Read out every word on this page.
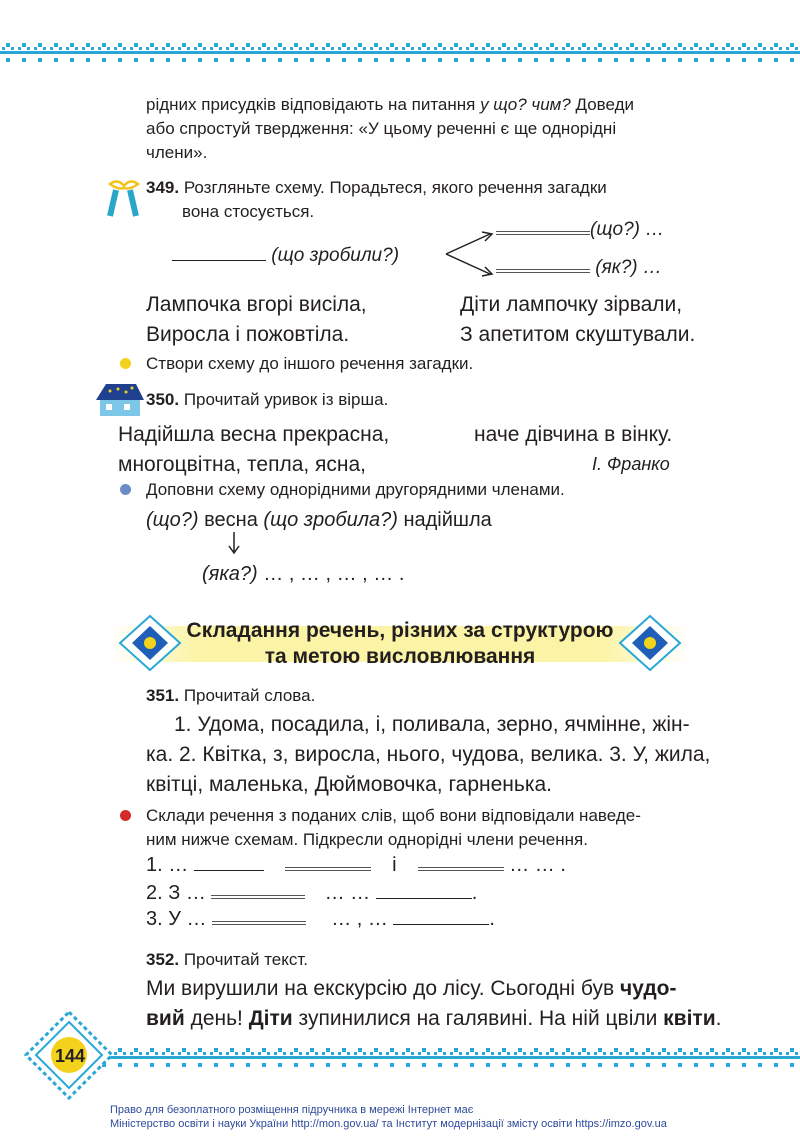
рідних присудків відповідають на питання у що? чим? Доведи
або спростуй твердження: «У цьому реченні є ще однорідні
члени».
349. Розгляньте схему. Порадьтеся, якого речення загадки
вона стосується.
(що зробили?)
(що?) …
(як?) …
Лампочка вгорі висіла,
Виросла і пожовтіла.
Діти лампочку зірвали,
З апетитом скуштували.
Створи схему до іншого речення загадки.
350. Прочитай уривок із вірша.
Надійшла весна прекрасна,
многоцвітна, тепла, ясна,
наче дівчина в вінку.
І. Франко
Доповни схему однорідними другорядними членами.
(що?) весна (що зробила?) надійшла
(яка?) … , … , … , … .
Складання речень, різних за структурою
та метою висловлювання
351. Прочитай слова.
1. Удома, посадила, і, поливала, зерно, ячмінне, жін-
ка. 2. Квітка, з, виросла, нього, чудова, велика. 3. У, жила,
квітці, маленька, Дюймовочка, гарненька.
Склади речення з поданих слів, щоб вони відповідали наведе-
ним нижче схемам. Підкресли однорідні члени речення.
1. …	і	… … .
2. З …	… …	.
3. У …	… , …	.
352. Прочитай текст.
Ми вирушили на екскурсію до лісу. Сьогодні був чудо-
вий день! Діти зупинилися на галявині. На ній цвіли квіти.
144
Право для безоплатного розміщення підручника в мережі Інтернет має
Міністерство освіти і науки України http://mon.gov.ua/ та Інститут модернізації змісту освіти https://imzo.gov.ua
